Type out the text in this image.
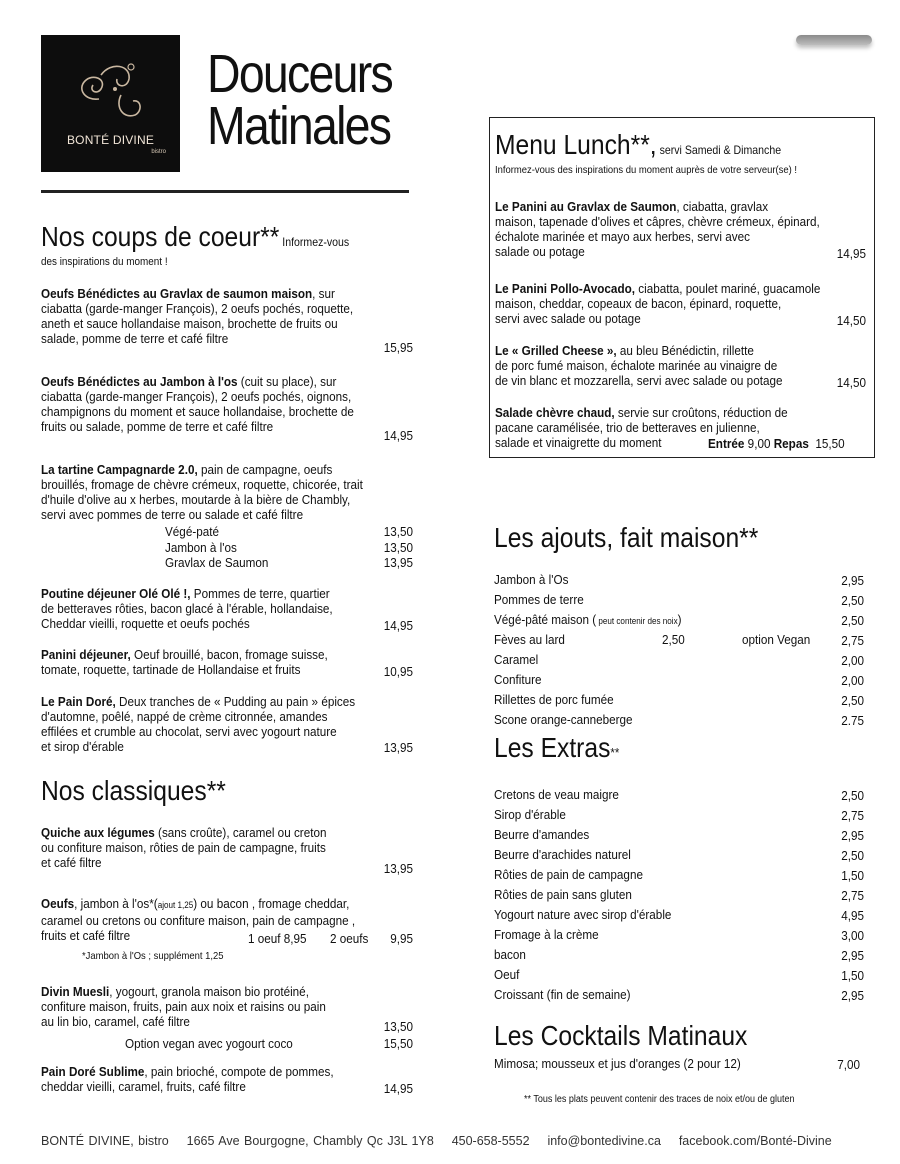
BONTÉ DIVINE
bistro
Douceurs
Matinales
Nos coups de coeur** Informez-vous
des inspirations du moment !
Oeufs Bénédictes au Gravlax de saumon maison, sur
ciabatta (garde-manger François), 2 oeufs pochés, roquette,
aneth et sauce hollandaise maison, brochette de fruits ou
salade, pomme de terre et café filtre
15,95
Oeufs Bénédictes au Jambon à l'os (cuit su place), sur
ciabatta (garde-manger François), 2 oeufs pochés, oignons,
champignons du moment et sauce hollandaise, brochette de
fruits ou salade, pomme de terre et café filtre
14,95
La tartine Campagnarde 2.0, pain de campagne, oeufs
brouillés, fromage de chèvre crémeux, roquette, chicorée, trait
d'huile d'olive au x herbes, moutarde à la bière de Chambly,
servi avec pommes de terre ou salade et café filtre
Végé-paté	13,50
Jambon à l'os	13,50
Gravlax de Saumon	13,95
Poutine déjeuner Olé Olé !, Pommes de terre, quartier
de betteraves rôties, bacon glacé à l'érable, hollandaise,
Cheddar vieilli, roquette et oeufs pochés	14,95
Panini déjeuner, Oeuf brouillé, bacon, fromage suisse,
tomate, roquette, tartinade de Hollandaise et fruits	10,95
Le Pain Doré, Deux tranches de « Pudding au pain » épices
d'automne, poêlé, nappé de crème citronnée, amandes
effilées et crumble au chocolat, servi avec yogourt nature
et sirop d'érable	13,95
Nos classiques**
Quiche aux légumes (sans croûte), caramel ou creton
ou confiture maison, rôties de pain de campagne, fruits
et café filtre	13,95
Oeufs, jambon à l'os*(ajout 1,25) ou bacon , fromage cheddar,
caramel ou cretons ou confiture maison, pain de campagne ,
fruits et café filtre	1 oeuf 8,95	2 oeufs	9,95
*Jambon à l'Os ; supplément 1,25
Divin Muesli, yogourt, granola maison bio protéiné,
confiture maison, fruits, pain aux noix et raisins ou pain
au lin bio, caramel, café filtre	13,50
Option vegan avec yogourt coco	15,50
Pain Doré Sublime, pain brioché, compote de pommes,
cheddar vieilli, caramel, fruits, café filtre	14,95
Menu Lunch**, servi Samedi & Dimanche
Informez-vous des inspirations du moment auprès de votre serveur(se) !
Le Panini au Gravlax de Saumon, ciabatta, gravlax
maison, tapenade d'olives et câpres, chèvre crémeux, épinard,
échalote marinée et mayo aux herbes, servi avec
salade ou potage	14,95
Le Panini Pollo-Avocado, ciabatta, poulet mariné, guacamole
maison, cheddar, copeaux de bacon, épinard, roquette,
servi avec salade ou potage	14,50
Le « Grilled Cheese », au bleu Bénédictin, rillette
de porc fumé maison, échalote marinée au vinaigre de
de vin blanc et mozzarella, servi avec salade ou potage	14,50
Salade chèvre chaud, servie sur croûtons, réduction de
pacane caramélisée, trio de betteraves en julienne,
salade et vinaigrette du moment	Entrée 9,00 Repas 15,50
Les ajouts, fait maison**
Jambon à l'Os	2,95
Pommes de terre	2,50
Végé-pâté maison ( peut contenir des noix)	2,50
Fèves au lard	2,50	option Vegan	2,75
Caramel	2,00
Confiture	2,00
Rillettes de porc fumée	2,50
Scone orange-canneberge	2.75
Les Extras**
Cretons de veau maigre	2,50
Sirop d'érable	2,75
Beurre d'amandes	2,95
Beurre d'arachides naturel	2,50
Rôties de pain de campagne	1,50
Rôties de pain sans gluten	2,75
Yogourt nature avec sirop d'érable	4,95
Fromage à la crème	3,00
bacon	2,95
Oeuf	1,50
Croissant (fin de semaine)	2,95
Les Cocktails Matinaux
Mimosa; mousseux et jus d'oranges (2 pour 12)	7,00
** Tous les plats peuvent contenir des traces de noix et/ou de gluten
BONTÉ DIVINE, bistro 1665 Ave Bourgogne, Chambly Qc J3L 1Y8 450-658-5552 info@bontedivine.ca facebook.com/Bonté-Divine
